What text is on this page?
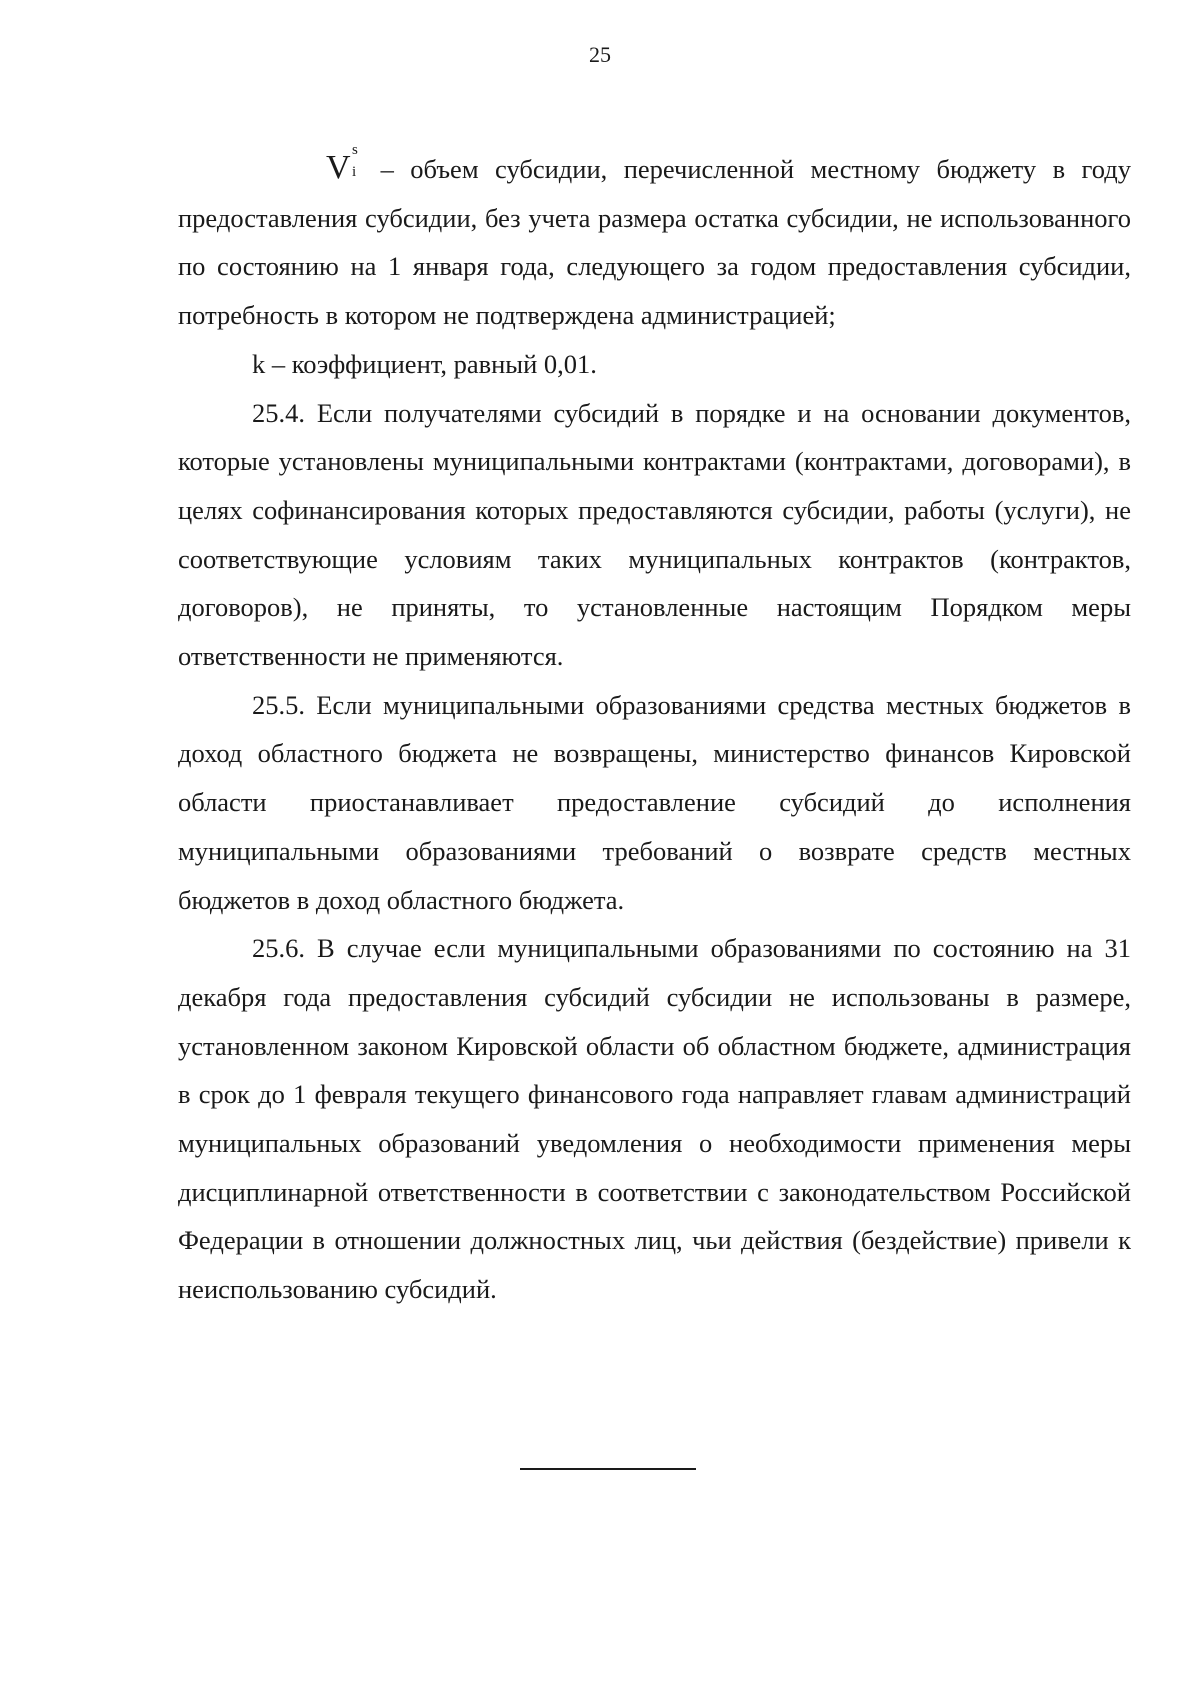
25

V s
i – объем субсидии, перечисленной местному бюджету в году предоставления субсидии, без учета размера остатка субсидии, не использованного по состоянию на 1 января года, следующего за годом предоставления субсидии, потребность в котором не подтверждена администрацией;

k – коэффициент, равный 0,01.

25.4. Если получателями субсидий в порядке и на основании документов, которые установлены муниципальными контрактами (контрактами, договорами), в целях софинансирования которых предоставляются субсидии, работы (услуги), не соответствующие условиям таких муниципальных контрактов (контрактов, договоров), не приняты, то установленные настоящим Порядком меры ответственности не применяются.

25.5. Если муниципальными образованиями средства местных бюджетов в доход областного бюджета не возвращены, министерство финансов Кировской области приостанавливает предоставление субсидий до исполнения муниципальными образованиями требований о возврате средств местных бюджетов в доход областного бюджета.

25.6. В случае если муниципальными образованиями по состоянию на 31 декабря года предоставления субсидий субсидии не использованы в размере, установленном законом Кировской области об областном бюджете, администрация в срок до 1 февраля текущего финансового года направляет главам администраций муниципальных образований уведомления о необходимости применения меры дисциплинарной ответственности в соответствии с законодательством Российской Федерации в отношении должностных лиц, чьи действия (бездействие) привели к неиспользованию субсидий.
